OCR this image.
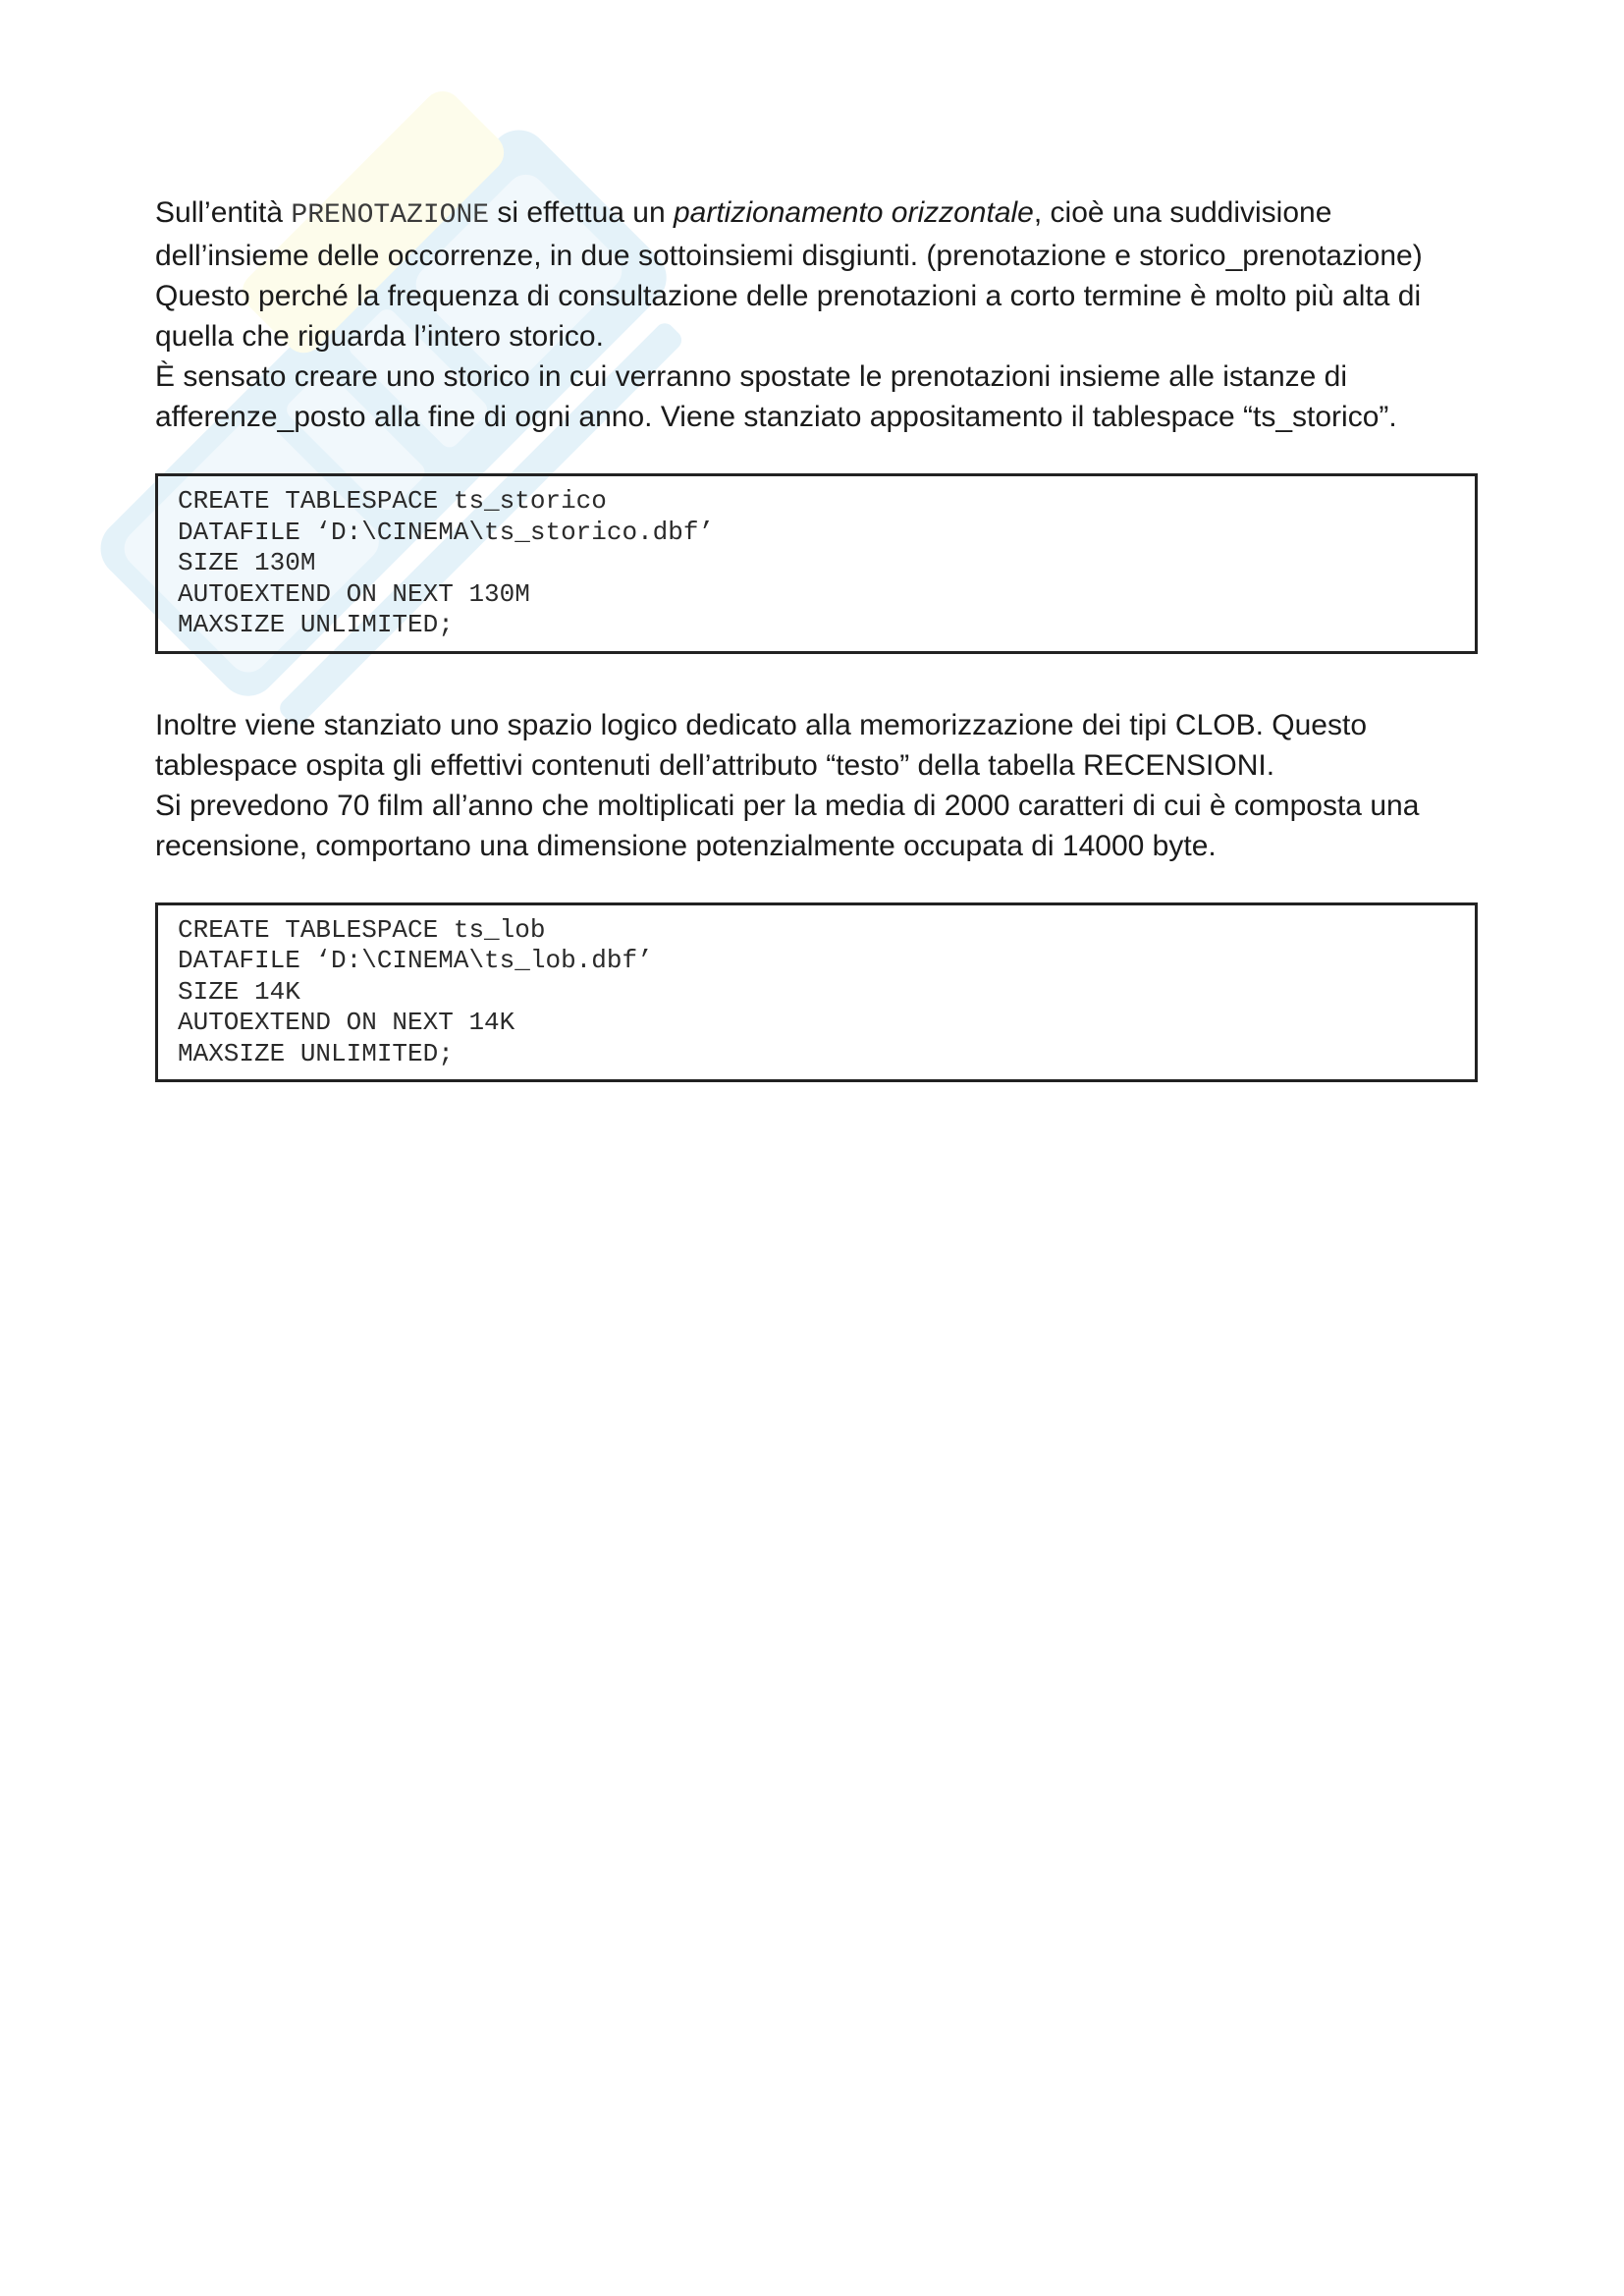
Sull’entità PRENOTAZIONE si effettua un partizionamento orizzontale, cioè una suddivisione
dell’insieme delle occorrenze, in due sottoinsiemi disgiunti. (prenotazione e storico_prenotazione)
Questo perché la frequenza di consultazione delle prenotazioni a corto termine è molto più alta di
quella che riguarda l’intero storico.
È sensato creare uno storico in cui verranno spostate le prenotazioni insieme alle istanze di
afferenze_posto alla fine di ogni anno. Viene stanziato appositamento il tablespace “ts_storico”.
CREATE TABLESPACE ts_storico
DATAFILE ‘D:\CINEMA\ts_storico.dbf’
SIZE 130M
AUTOEXTEND ON NEXT 130M
MAXSIZE UNLIMITED;
Inoltre viene stanziato uno spazio logico dedicato alla memorizzazione dei tipi CLOB. Questo
tablespace ospita gli effettivi contenuti dell’attributo “testo” della tabella RECENSIONI.
Si prevedono 70 film all’anno che moltiplicati per la media di 2000 caratteri di cui è composta una
recensione, comportano una dimensione potenzialmente occupata di 14000 byte.
CREATE TABLESPACE ts_lob
DATAFILE ‘D:\CINEMA\ts_lob.dbf’
SIZE 14K
AUTOEXTEND ON NEXT 14K
MAXSIZE UNLIMITED;
